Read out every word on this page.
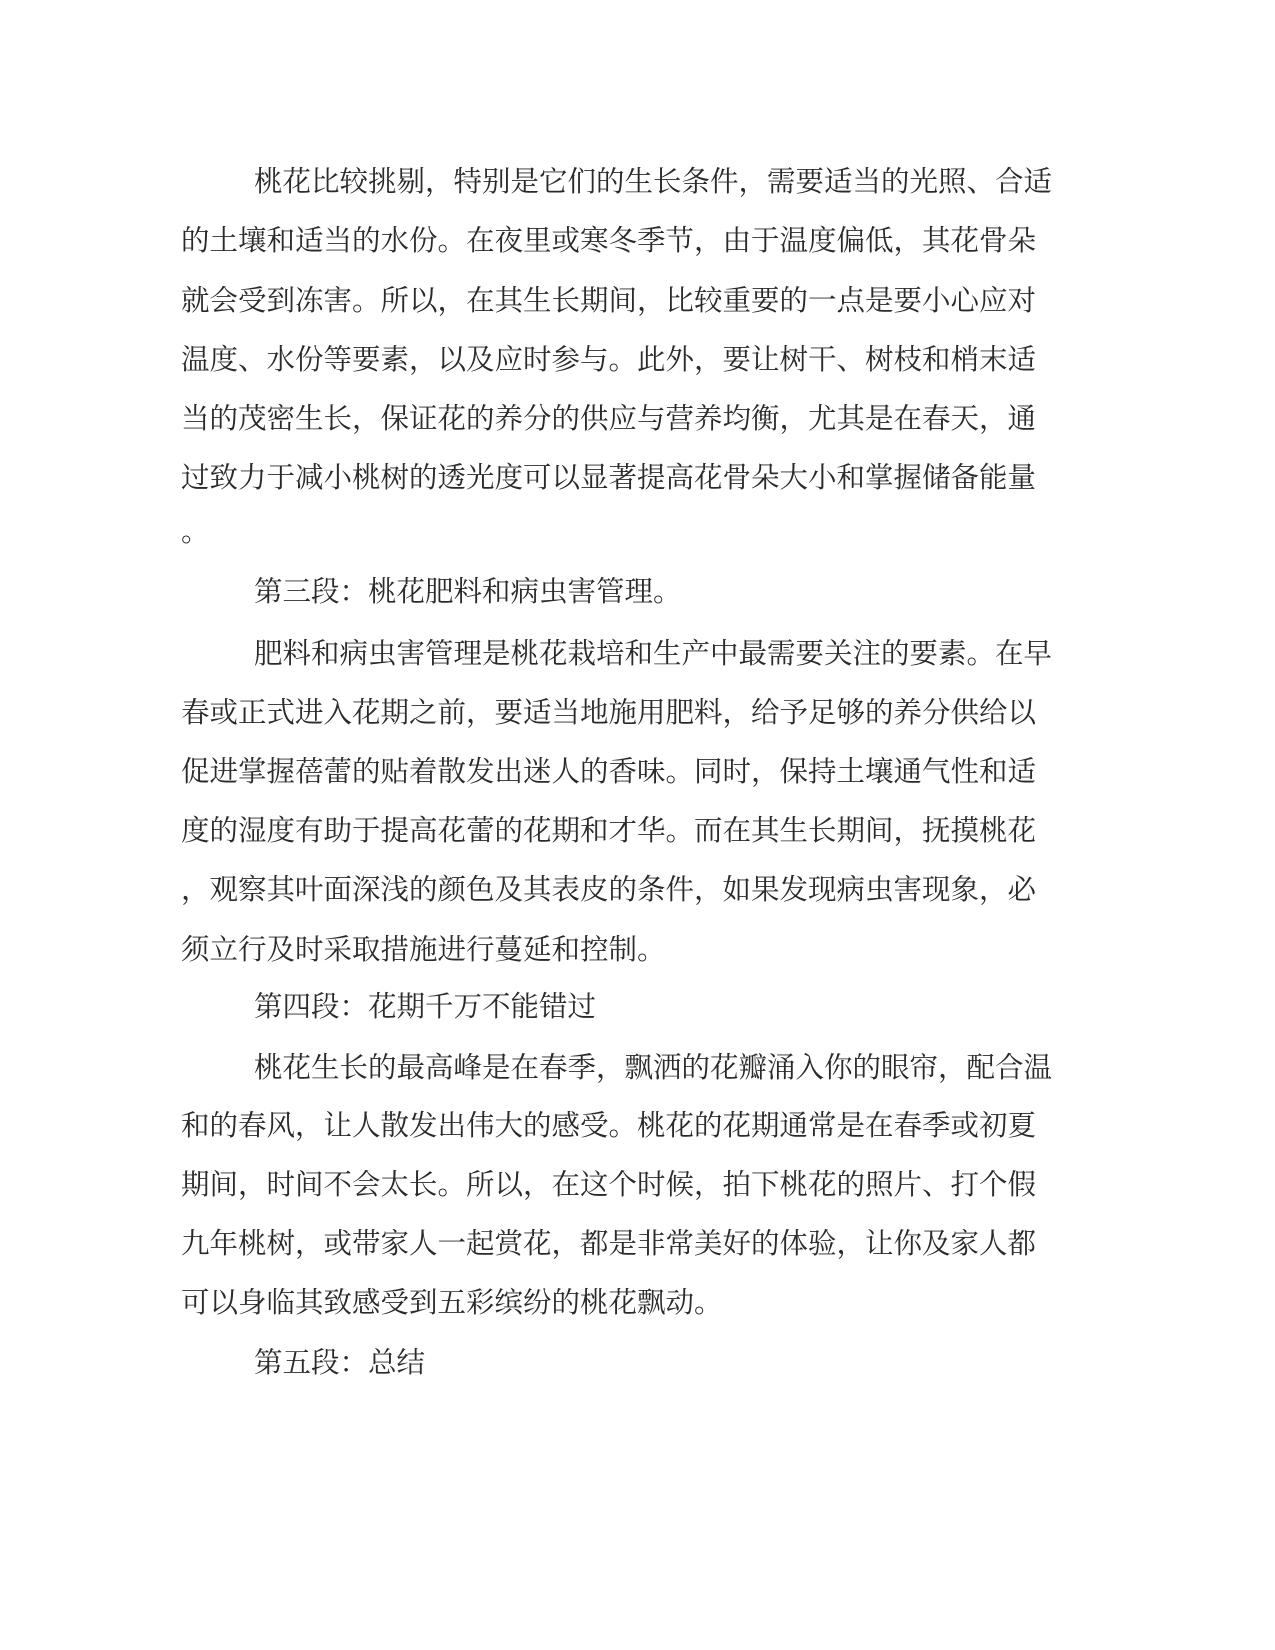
桃花比较挑剔，特别是它们的生长条件，需要适当的光照、合适

的土壤和适当的水份。在夜里或寒冬季节，由于温度偏低，其花骨朵

就会受到冻害。所以，在其生长期间，比较重要的一点是要小心应对

温度、水份等要素，以及应时参与。此外，要让树干、树枝和梢末适

当的茂密生长，保证花的养分的供应与营养均衡，尤其是在春天，通

过致力于减小桃树的透光度可以显著提高花骨朵大小和掌握储备能量

。

第三段：桃花肥料和病虫害管理。

肥料和病虫害管理是桃花栽培和生产中最需要关注的要素。在早

春或正式进入花期之前，要适当地施用肥料，给予足够的养分供给以

促进掌握蓓蕾的贴着散发出迷人的香味。同时，保持土壤通气性和适

度的湿度有助于提高花蕾的花期和才华。而在其生长期间，抚摸桃花

，观察其叶面深浅的颜色及其表皮的条件，如果发现病虫害现象，必

须立行及时采取措施进行蔓延和控制。

第四段：花期千万不能错过

桃花生长的最高峰是在春季，飘洒的花瓣涌入你的眼帘，配合温

和的春风，让人散发出伟大的感受。桃花的花期通常是在春季或初夏

期间，时间不会太长。所以，在这个时候，拍下桃花的照片、打个假

九年桃树，或带家人一起赏花，都是非常美好的体验，让你及家人都

可以身临其致感受到五彩缤纷的桃花飘动。

第五段：总结
